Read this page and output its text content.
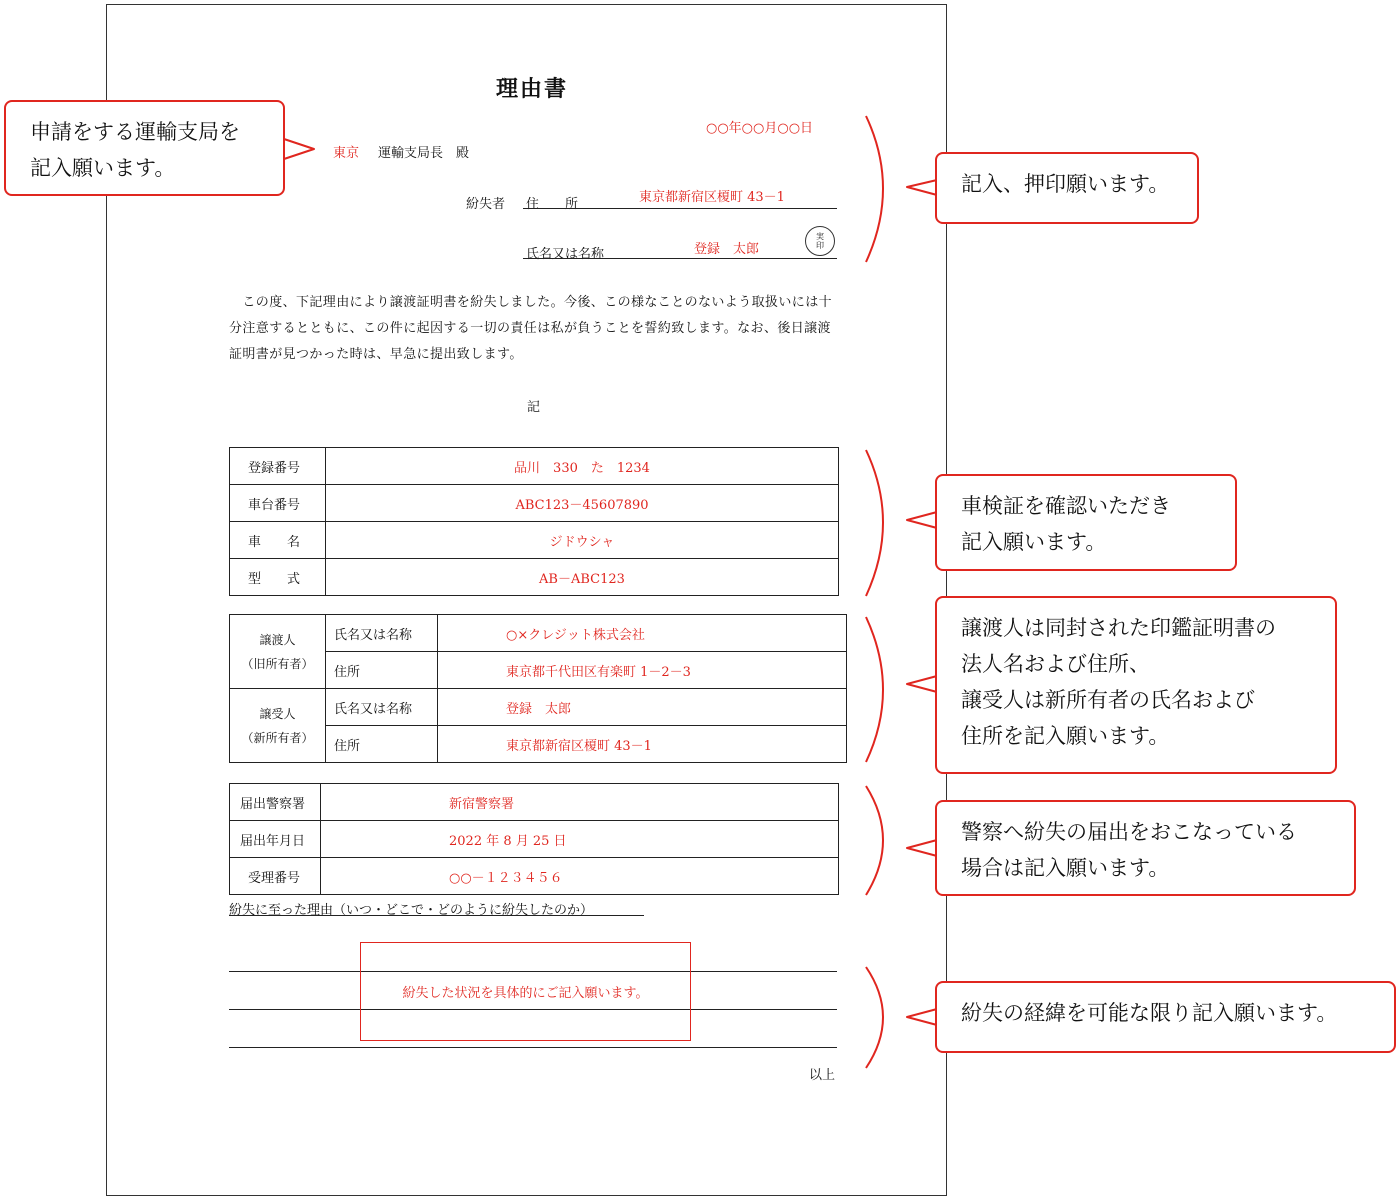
理由書
○○年○○月○○日
東京 運輸支局長　殿
紛失者 住　　所	東京都新宿区榎町 43－1
氏名又は名称	登録　太郎
実
印
　この度、下記理由により譲渡証明書を紛失しました。今後、この様なことのないよう取扱いには十分注意するとともに、この件に起因する一切の責任は私が負うことを誓約致します。なお、後日譲渡証明書が見つかった時は、早急に提出致します。
記
登録番号	品川　330　た　1234
車台番号	ABC123－45607890
車　　名	ジドウシャ
型　　式	AB－ABC123
譲渡人
（旧所有者）	氏名又は名称	○×クレジット株式会社
	住所	東京都千代田区有楽町 1－2－3
譲受人
（新所有者）	氏名又は名称	登録　太郎
	住所	東京都新宿区榎町 43－1
届出警察署	新宿警察署
届出年月日	2022 年 8 月 25 日
受理番号	○○－１２３４５６
紛失に至った理由（いつ・どこで・どのように紛失したのか）
紛失した状況を具体的にご記入願います。
以上
申請をする運輸支局を
記入願います。
記入、押印願います。
車検証を確認いただき
記入願います。
譲渡人は同封された印鑑証明書の
法人名および住所、
譲受人は新所有者の氏名および
住所を記入願います。
警察へ紛失の届出をおこなっている
場合は記入願います。
紛失の経緯を可能な限り記入願います。
